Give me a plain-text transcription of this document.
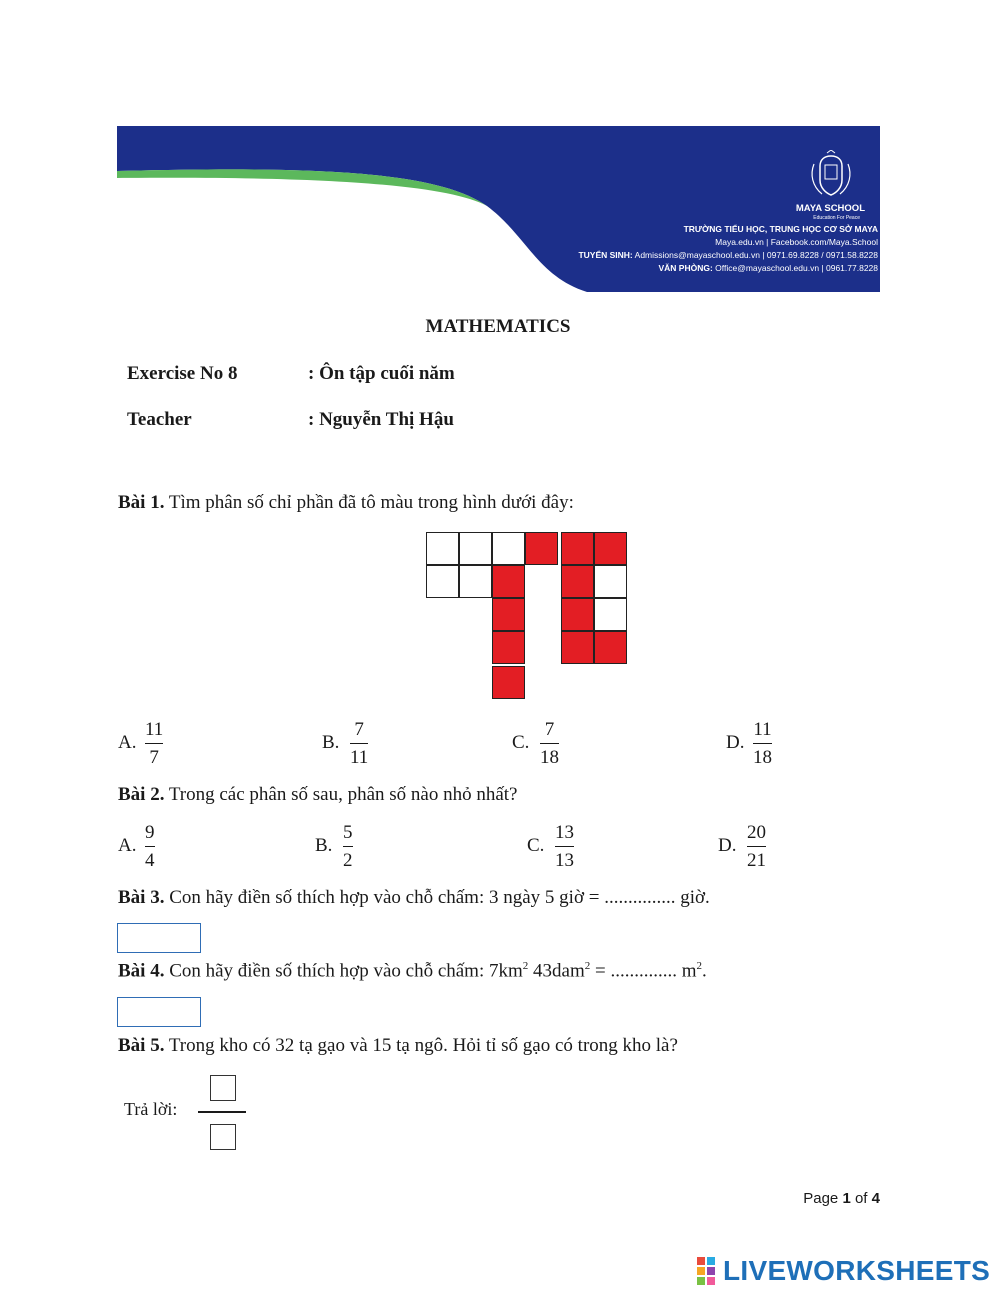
MAYA SCHOOL
Education For Peace
TRƯỜNG TIỂU HỌC, TRUNG HỌC CƠ SỞ MAYA
Maya.edu.vn | Facebook.com/Maya.School
TUYỂN SINH: Admissions@mayaschool.edu.vn | 0971.69.8228 / 0971.58.8228
VĂN PHÒNG: Office@mayaschool.edu.vn | 0961.77.8228
MATHEMATICS
Exercise No 8	: Ôn tập cuối năm
Teacher	: Nguyễn Thị Hậu
Bài 1. Tìm phân số chỉ phần đã tô màu trong hình dưới đây:
A.
11
7
B.
7
11
C.
7
18
D.
11
18
Bài 2. Trong các phân số sau, phân số nào nhỏ nhất?
A.
9
4
B.
5
2
C.
13
13
D.
20
21
Bài 3. Con hãy điền số thích hợp vào chỗ chấm: 3 ngày 5 giờ = ............... giờ.
Bài 4. Con hãy điền số thích hợp vào chỗ chấm: $7km^2$ 43dam$^2$ = .............. $m^2$.
Bài 5. Trong kho có 32 tạ gạo và 15 tạ ngô. Hỏi tỉ số gạo có trong kho là?
Trả lời:
Page 1 of 4
LIVEWORKSHEETS
